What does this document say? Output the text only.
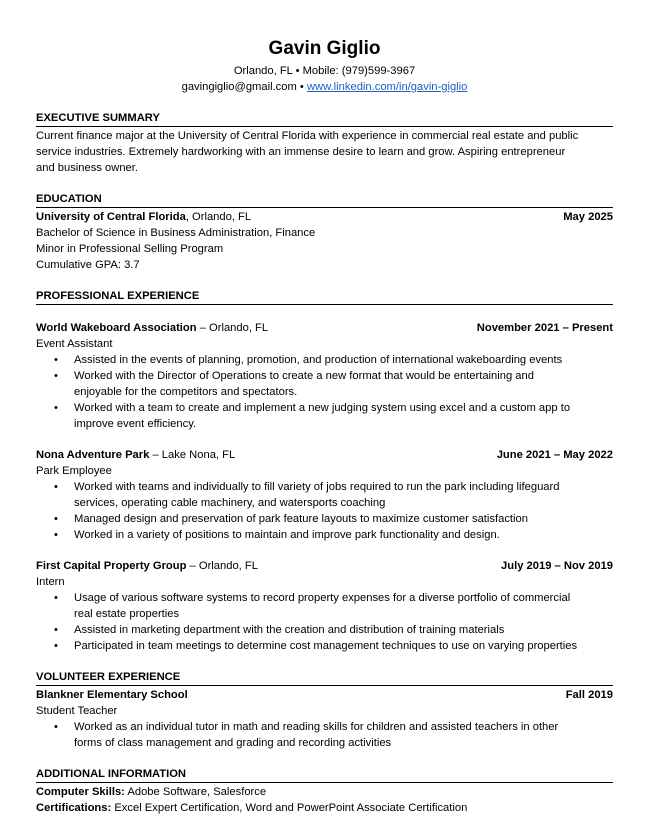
Gavin Giglio
Orlando, FL • Mobile: (979)599-3967
gavingiglio@gmail.com • www.linkedin.com/in/gavin-giglio
EXECUTIVE SUMMARY
Current finance major at the University of Central Florida with experience in commercial real estate and public
service industries. Extremely hardworking with an immense desire to learn and grow. Aspiring entrepreneur
and business owner.
EDUCATION
University of Central Florida, Orlando, FL	May 2025
Bachelor of Science in Business Administration, Finance
Minor in Professional Selling Program
Cumulative GPA: 3.7
PROFESSIONAL EXPERIENCE
World Wakeboard Association – Orlando, FL	November 2021 – Present
Event Assistant
• Assisted in the events of planning, promotion, and production of international wakeboarding events
• Worked with the Director of Operations to create a new format that would be entertaining and
enjoyable for the competitors and spectators.
• Worked with a team to create and implement a new judging system using excel and a custom app to
improve event efficiency.
Nona Adventure Park – Lake Nona, FL	June 2021 – May 2022
Park Employee
• Worked with teams and individually to fill variety of jobs required to run the park including lifeguard
services, operating cable machinery, and watersports coaching
• Managed design and preservation of park feature layouts to maximize customer satisfaction
• Worked in a variety of positions to maintain and improve park functionality and design.
First Capital Property Group – Orlando, FL	July 2019 – Nov 2019
Intern
• Usage of various software systems to record property expenses for a diverse portfolio of commercial
real estate properties
• Assisted in marketing department with the creation and distribution of training materials
• Participated in team meetings to determine cost management techniques to use on varying properties
VOLUNTEER EXPERIENCE
Blankner Elementary School	Fall 2019
Student Teacher
• Worked as an individual tutor in math and reading skills for children and assisted teachers in other
forms of class management and grading and recording activities
ADDITIONAL INFORMATION
Computer Skills: Adobe Software, Salesforce
Certifications: Excel Expert Certification, Word and PowerPoint Associate Certification
